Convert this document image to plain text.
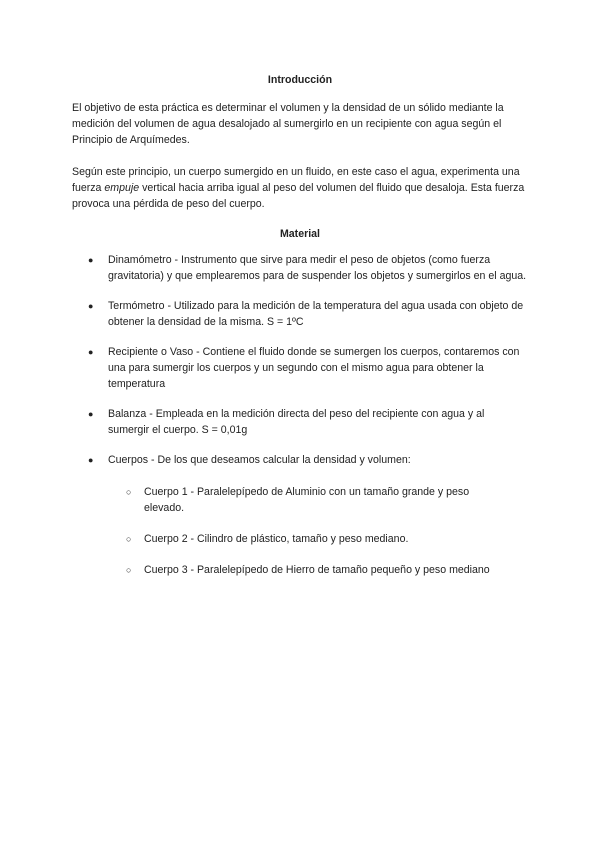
Introducción

El objetivo de esta práctica es determinar el volumen y la densidad de un sólido mediante la medición del volumen de agua desalojado al sumergirlo en un recipiente con agua según el Principio de Arquímedes.

Según este principio, un cuerpo sumergido en un fluido, en este caso el agua, experimenta una fuerza empuje vertical hacia arriba igual al peso del volumen del fluido que desaloja. Esta fuerza provoca una pérdida de peso del cuerpo.

Material
● Dinamómetro - Instrumento que sirve para medir el peso de objetos (como fuerza gravitatoria) y que emplearemos para de suspender los objetos y sumergirlos en el agua.
● Termómetro - Utilizado para la medición de la temperatura del agua usada con objeto de obtener la densidad de la misma. S = 1ºC
● Recipiente o Vaso - Contiene el fluido donde se sumergen los cuerpos, contaremos con una para sumergir los cuerpos y un segundo con el mismo agua para obtener la temperatura
● Balanza - Empleada en la medición directa del peso del recipiente con agua y al sumergir el cuerpo. S = 0,01g
● Cuerpos - De los que deseamos calcular la densidad y volumen:
○ Cuerpo 1 - Paralelepípedo de Aluminio con un tamaño grande y peso elevado.
○ Cuerpo 2 - Cilindro de plástico, tamaño y peso mediano.
○ Cuerpo 3 - Paralelepípedo de Hierro de tamaño pequeño y peso mediano
